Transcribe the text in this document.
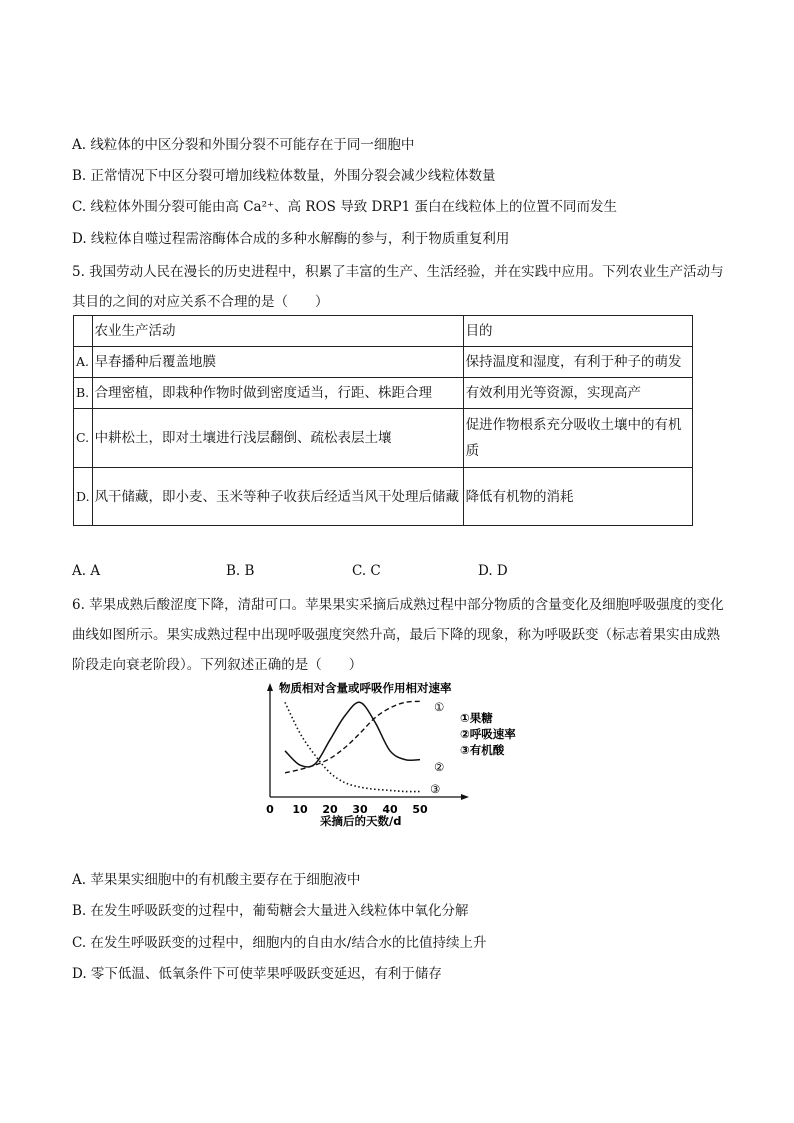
A. 线粒体的中区分裂和外围分裂不可能存在于同一细胞中
B. 正常情况下中区分裂可增加线粒体数量，外围分裂会减少线粒体数量
C. 线粒体外围分裂可能由高 Ca²⁺、高 ROS 导致 DRP1 蛋白在线粒体上的位置不同而发生
D. 线粒体自噬过程需溶酶体合成的多种水解酶的参与，利于物质重复利用
5. 我国劳动人民在漫长的历史进程中，积累了丰富的生产、生活经验，并在实践中应用。下列农业生产活动与其目的之间的对应关系不合理的是（　　）
	农业生产活动	目的
A.	早春播种后覆盖地膜	保持温度和湿度，有利于种子的萌发
B.	合理密植，即栽种作物时做到密度适当，行距、株距合理	有效利用光等资源，实现高产
C.	中耕松土，即对土壤进行浅层翻倒、疏松表层土壤	促进作物根系充分吸收土壤中的有机质
D.	风干储藏，即小麦、玉米等种子收获后经适当风干处理后储藏	降低有机物的消耗
A. A	B. B	C. C	D. D
6. 苹果成熟后酸涩度下降，清甜可口。苹果果实采摘后成熟过程中部分物质的含量变化及细胞呼吸强度的变化曲线如图所示。果实成熟过程中出现呼吸强度突然升高，最后下降的现象，称为呼吸跃变（标志着果实由成熟阶段走向衰老阶段）。下列叙述正确的是（　　）
物质相对含量或呼吸作用相对速率
采摘后的天数/d
0 10 20 30 40 50
①
②
③
①果糖
②呼吸速率
③有机酸
A. 苹果果实细胞中的有机酸主要存在于细胞液中
B. 在发生呼吸跃变的过程中，葡萄糖会大量进入线粒体中氧化分解
C. 在发生呼吸跃变的过程中，细胞内的自由水/结合水的比值持续上升
D. 零下低温、低氧条件下可使苹果呼吸跃变延迟，有利于储存
